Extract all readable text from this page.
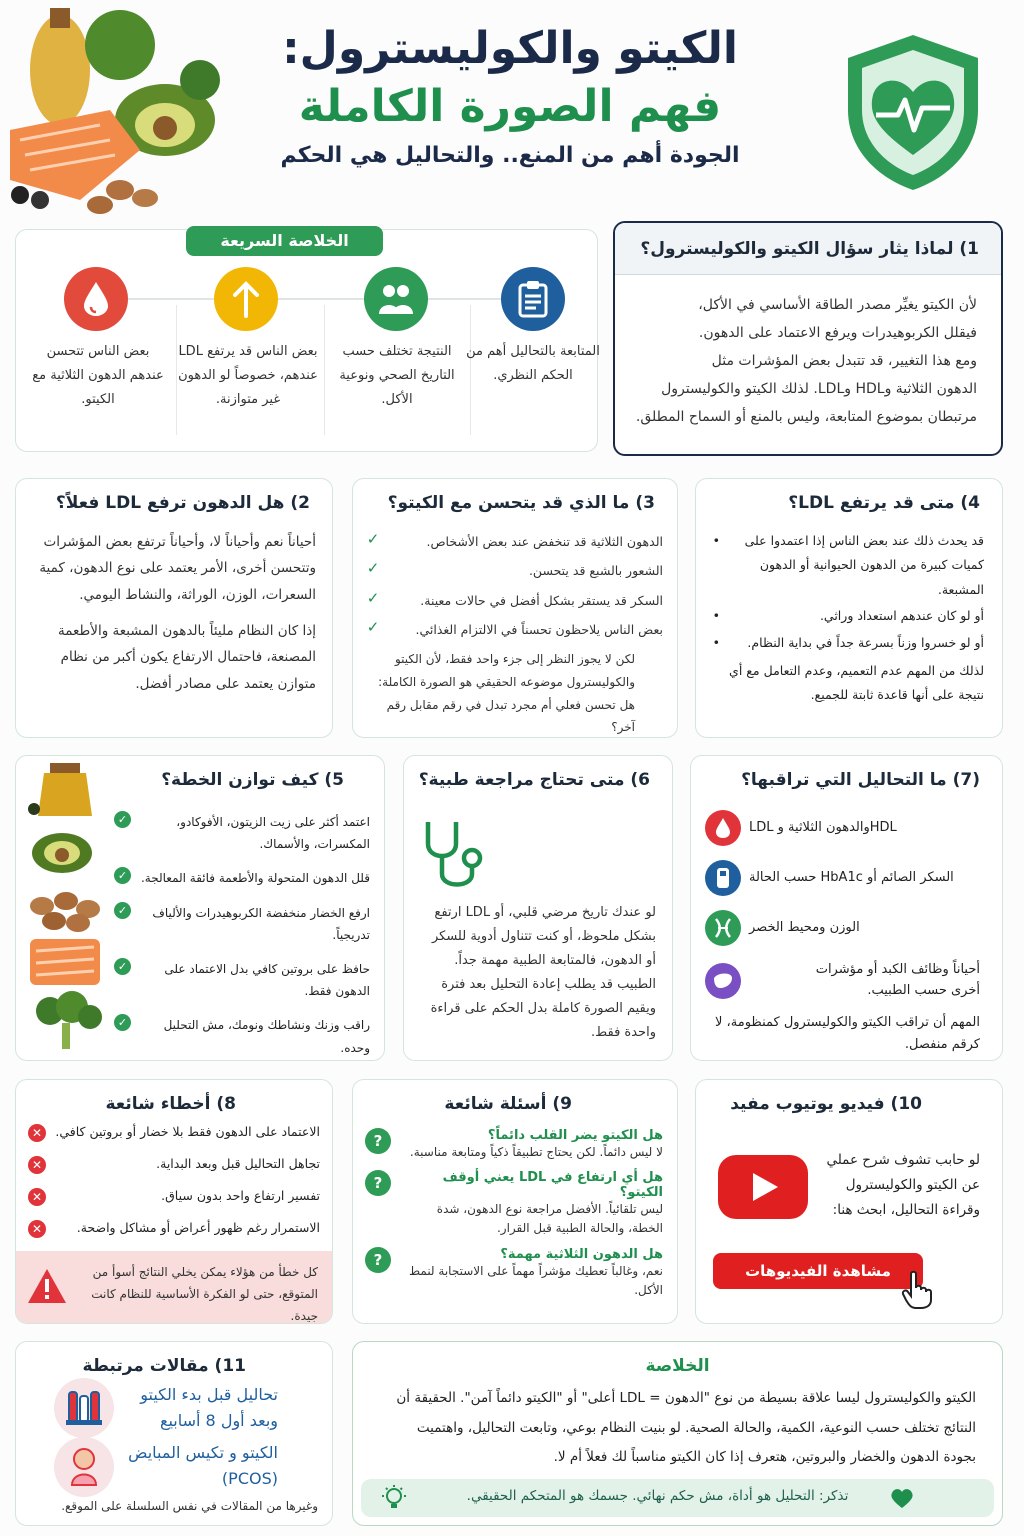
الكيتو والكوليسترول:
فهم الصورة الكاملة
الجودة أهم من المنع.. والتحاليل هي الحكم
الخلاصة السريعة
المتابعة بالتحاليل أهم من الحكم النظري.
النتيجة تختلف حسب التاريخ الصحي ونوعية الأكل.
بعض الناس قد يرتفع LDL عندهم، خصوصاً لو الدهون غير متوازنة.
بعض الناس تتحسن عندهم الدهون الثلاثية مع الكيتو.
1) لماذا يثار سؤال الكيتو والكوليسترول؟
لأن الكيتو يغيِّر مصدر الطاقة الأساسي في الأكل،
فيقلل الكربوهيدرات ويرفع الاعتماد على الدهون.
ومع هذا التغيير، قد تتبدل بعض المؤشرات مثل
الدهون الثلاثية وHDL وLDL. لذلك الكيتو والكوليسترول
مرتبطان بموضوع المتابعة، وليس بالمنع أو السماح المطلق.
2) هل الدهون ترفع LDL فعلاً؟
أحياناً نعم وأحياناً لا، وأحياناً ترتفع بعض المؤشرات وتتحسن أخرى، الأمر يعتمد على نوع الدهون، كمية السعرات، الوزن، الوراثة، والنشاط اليومي.
إذا كان النظام مليئاً بالدهون المشبعة والأطعمة المصنعة، فاحتمال الارتفاع يكون أكبر من نظام متوازن يعتمد على مصادر أفضل.
3) ما الذي قد يتحسن مع الكيتو؟
الدهون الثلاثية قد تنخفض عند بعض الأشخاص.
✓
الشعور بالشبع قد يتحسن.
✓
السكر قد يستقر بشكل أفضل في حالات معينة.
✓
بعض الناس يلاحظون تحسناً في الالتزام الغذائي.
✓
لكن لا يجوز النظر إلى جزء واحد فقط، لأن الكيتو والكوليسترول موضوعه الحقيقي هو الصورة الكاملة: هل تحسن فعلي أم مجرد تبدل في رقم مقابل رقم آخر؟
4) متى قد يرتفع LDL؟
قد يحدث ذلك عند بعض الناس إذا اعتمدوا على كميات كبيرة من الدهون الحيوانية أو الدهون المشبعة.
•
أو لو كان عندهم استعداد وراثي.
•
أو لو خسروا وزناً بسرعة جداً في بداية النظام.
•
لذلك من المهم عدم التعميم، وعدم التعامل مع أي نتيجة على أنها قاعدة ثابتة للجميع.
5) كيف توازن الخطة؟
اعتمد أكثر على زيت الزيتون، الأفوكادو، المكسرات، والأسماك.
✓
قلل الدهون المتحولة والأطعمة فائقة المعالجة.
✓
ارفع الخضار منخفضة الكربوهيدرات والألياف تدريجياً.
✓
حافظ على بروتين كافي بدل الاعتماد على الدهون فقط.
✓
راقب وزنك ونشاطك ونومك، مش التحليل وحده.
✓
6) متى تحتاج مراجعة طبية؟
لو عندك تاريخ مرضي قلبي، أو LDL ارتفع بشكل ملحوظ، أو كنت تتناول أدوية للسكر أو الدهون، فالمتابعة الطبية مهمة جداً. الطبيب قد يطلب إعادة التحليل بعد فترة ويقيم الصورة كاملة بدل الحكم على قراءة واحدة فقط.
(7) ما التحاليل التي تراقبها؟
LDL والدهون الثلاثية وHDL
السكر الصائم أو HbA1c حسب الحالة
الوزن ومحيط الخصر
أحياناً وظائف الكبد أو مؤشرات أخرى حسب الطبيب.
المهم أن تراقب الكيتو والكوليسترول كمنظومة، لا كرقم منفصل.
8) أخطاء شائعة
الاعتماد على الدهون فقط بلا خضار أو بروتين كافي.
✕
تجاهل التحاليل قبل وبعد البداية.
✕
تفسير ارتفاع واحد بدون سياق.
✕
الاستمرار رغم ظهور أعراض أو مشاكل واضحة.
✕
كل خطأ من هؤلاء يمكن يخلي النتائج أسوأ من المتوقع، حتى لو الفكرة الأساسية للنظام كانت جيدة.
9) أسئلة شائعة
?	هل الكيتو يضر القلب دائماً؟
لا ليس دائماً. لكن يحتاج تطبيقاً ذكياً ومتابعة مناسبة.
?	هل أي ارتفاع في LDL يعني أوقف الكيتو؟
ليس تلقائياً. الأفضل مراجعة نوع الدهون، شدة الخطة، والحالة الطبية قبل القرار.
?	هل الدهون الثلاثية مهمة؟
نعم، وغالباً تعطيك مؤشراً مهماً على الاستجابة لنمط الأكل.
10) فيديو يوتيوب مفيد
لو حابب تشوف شرح عملي عن الكيتو والكوليسترول وقراءة التحاليل، ابحث هنا:
مشاهدة الفيديوهات
11) مقالات مرتبطة
تحاليل قبل بدء الكيتو وبعد أول 8 أسابيع
الكيتو و تكيس المبايض (PCOS)
وغيرها من المقالات في نفس السلسلة على الموقع.
الخلاصة
الكيتو والكوليسترول ليسا علاقة بسيطة من نوع "الدهون = LDL أعلى" أو "الكيتو دائماً آمن". الحقيقة أن النتائج تختلف حسب النوعية، الكمية، والحالة الصحية. لو بنيت النظام بوعي، وتابعت التحاليل، واهتميت بجودة الدهون والخضار والبروتين، هتعرف إذا كان الكيتو مناسباً لك فعلاً أم لا.
تذكر: التحليل هو أداة، مش حكم نهائي. جسمك هو المتحكم الحقيقي.
